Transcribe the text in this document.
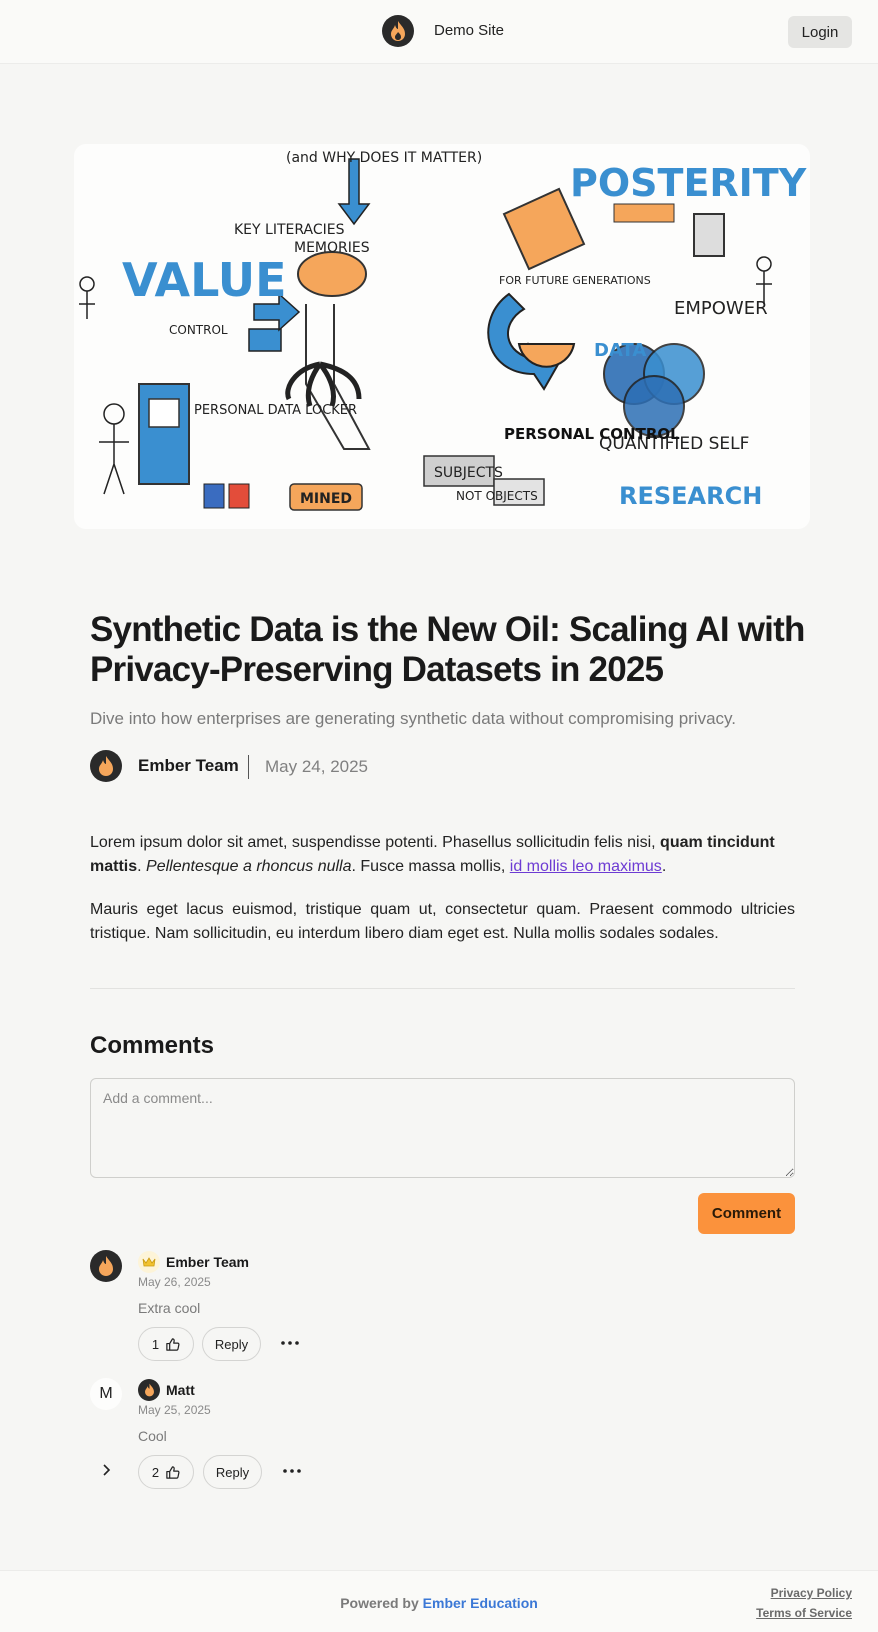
Demo Site	Login
VALUE
POSTERITY
KEY LITERACIES
MEMORIES
RESEARCH
DATA
PERSONAL DATA LOCKER
QUANTIFIED SELF
MINED
SUBJECTS
NOT OBJECTS
EMPOWER
CONTROL
PERSONAL CONTROL
FOR FUTURE GENERATIONS
(and WHY DOES IT MATTER)
Synthetic Data is the New Oil: Scaling AI with Privacy-Preserving Datasets in 2025

Dive into how enterprises are generating synthetic data without compromising privacy.

Ember Team May 24, 2025

Lorem ipsum dolor sit amet, suspendisse potenti. Phasellus sollicitudin felis nisi, quam tincidunt mattis. Pellentesque a rhoncus nulla. Fusce massa mollis, id mollis leo maximus.

Mauris eget lacus euismod, tristique quam ut, consectetur quam. Praesent commodo ultricies tristique. Nam sollicitudin, eu interdum libero diam eget est. Nulla mollis sodales sodales.

Comments
Add a comment...
Comment
Ember Team
May 26, 2025
Extra cool
1	Reply
M	Matt
May 25, 2025
Cool
2	Reply
Powered by Ember Education
Privacy Policy
Terms of Service
